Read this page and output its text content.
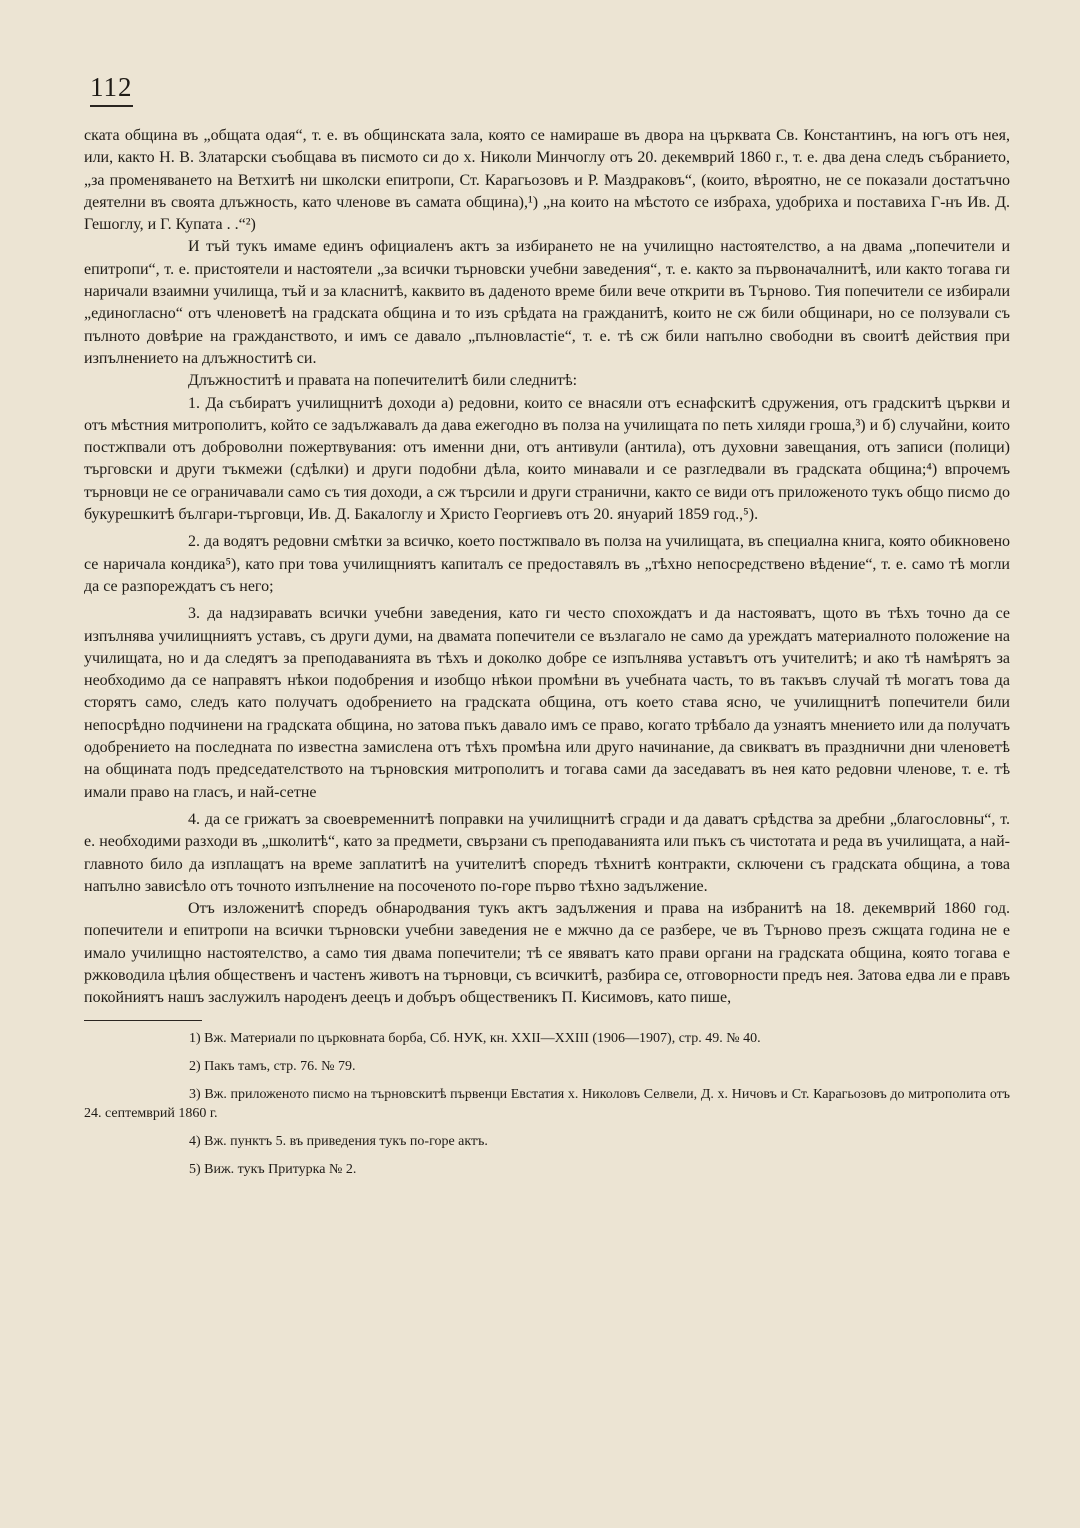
112

ската община въ „общата одая“, т. е. въ общинската зала, която се намираше въ двора на църквата Св. Константинъ, на югъ отъ нея, или, както Н. В. Златарски съобщава въ писмото си до х. Николи Минчоглу отъ 20. декемврий 1860 г., т. е. два дена следъ събранието, „за променяването на Ветхитѣ ни школски епитропи, Ст. Карагьозовъ и Р. Маздраковъ“, (които, вѣроятно, не се показали достатъчно деятелни въ своята длъжность, като членове въ самата община),¹) „на които на мѣстото се избраха, удобриха и поставиха Г-нъ Ив. Д. Гешоглу, и Г. Купата . .“²)

И тъй тукъ имаме единъ официаленъ актъ за избирането не на училищно настоятелство, а на двама „попечители и епитропи“, т. е. пристоятели и настоятели „за всички търновски учебни заведения“, т. е. както за първоначалнитѣ, или както тогава ги наричали взаимни училища, тъй и за класнитѣ, каквито въ даденото време били вече открити въ Търново. Тия попечители се избирали „единогласно“ отъ членоветѣ на градската община и то изъ срѣдата на гражданитѣ, които не сж били общинари, но се ползували съ пълното довѣрие на гражданството, и имъ се давало „пълновластіе“, т. е. тѣ сж били напълно свободни въ своитѣ действия при изпълнението на длъжноститѣ си.

Длъжноститѣ и правата на попечителитѣ били следнитѣ:

1. Да събиратъ училищнитѣ доходи а) редовни, които се внасяли отъ еснафскитѣ сдружения, отъ градскитѣ църкви и отъ мѣстния митрополитъ, който се задължавалъ да дава ежегодно въ полза на училищата по петь хиляди гроша,³) и б) случайни, които постжпвали отъ доброволни пожертвувания: отъ именни дни, отъ антивули (антила), отъ духовни завещания, отъ записи (полици) търговски и други тъкмежи (сдѣлки) и други подобни дѣла, които минавали и се разгледвали въ градската община;⁴) впрочемъ търновци не се ограничавали само съ тия доходи, а сж търсили и други странични, както се види отъ приложеното тукъ общо писмо до букурешкитѣ българи-търговци, Ив. Д. Бакалоглу и Христо Георгиевъ отъ 20. януарий 1859 год.,⁵).

2. да водятъ редовни смѣтки за всичко, което постжпвало въ полза на училищата, въ специална книга, която обикновено се наричала кондика⁵), като при това училищниятъ капиталъ се предоставялъ въ „тѣхно непосредствено вѣдение“, т. е. само тѣ могли да се разпореждатъ съ него;

3. да надзиравать всички учебни заведения, като ги често спохождатъ и да настояватъ, щото въ тѣхъ точно да се изпълнява училищниятъ уставъ, съ други думи, на двамата попечители се възлагало не само да уреждатъ материалното положение на училищата, но и да следятъ за преподаванията въ тѣхъ и доколко добре се изпълнява уставътъ отъ учителитѣ; и ако тѣ намѣрятъ за необходимо да се направятъ нѣкои подобрения и изобщо нѣкои промѣни въ учебната часть, то въ такъвъ случай тѣ могатъ това да сторятъ само, следъ като получатъ одобрението на градската община, отъ което става ясно, че училищнитѣ попечители били непосрѣдно подчинени на градската община, но затова пъкъ давало имъ се право, когато трѣбало да узнаятъ мнението или да получатъ одобрението на последната по известна замислена отъ тѣхъ промѣна или друго начинание, да свикватъ въ празднични дни членоветѣ на общината подъ председателството на търновския митрополитъ и тогава сами да заседаватъ въ нея като редовни членове, т. е. тѣ имали право на гласъ, и най-сетне

4. да се грижатъ за своевременнитѣ поправки на училищнитѣ сгради и да даватъ срѣдства за дребни „благословны“, т. е. необходими разходи въ „школитѣ“, като за предмети, свързани съ преподаванията или пъкъ съ чистотата и реда въ училищата, а най-главното било да изплащатъ на време заплатитѣ на учителитѣ споредъ тѣхнитѣ контракти, сключени съ градската община, а това напълно зависѣло отъ точното изпълнение на посоченото по-горе първо тѣхно задължение.

Отъ изложенитѣ споредъ обнародвания тукъ актъ задължения и права на избранитѣ на 18. декемврий 1860 год. попечители и епитропи на всички търновски учебни заведения не е мжчно да се разбере, че въ Търново презъ сжщата година не е имало училищно настоятелство, а само тия двама попечители; тѣ се явяватъ като прави органи на градската община, която тогава е ржководила цѣлия общественъ и частенъ животъ на търновци, съ всичкитѣ, разбира се, отговорности предъ нея. Затова едва ли е правъ покойниятъ нашъ заслужилъ народенъ деецъ и добъръ общественикъ П. Кисимовъ, като пише,

1) Вж. Материали по църковната борба, Сб. НУК, кн. XXII—XXIII (1906—1907), стр. 49. № 40.

2) Пакъ тамъ, стр. 76. № 79.

3) Вж. приложеното писмо на търновскитѣ първенци Евстатия х. Николовъ Селвели, Д. х. Ничовъ и Ст. Карагьозовъ до митрополита отъ 24. септемврий 1860 г.

4) Вж. пунктъ 5. въ приведения тукъ по-горе актъ.

5) Виж. тукъ Притурка № 2.
